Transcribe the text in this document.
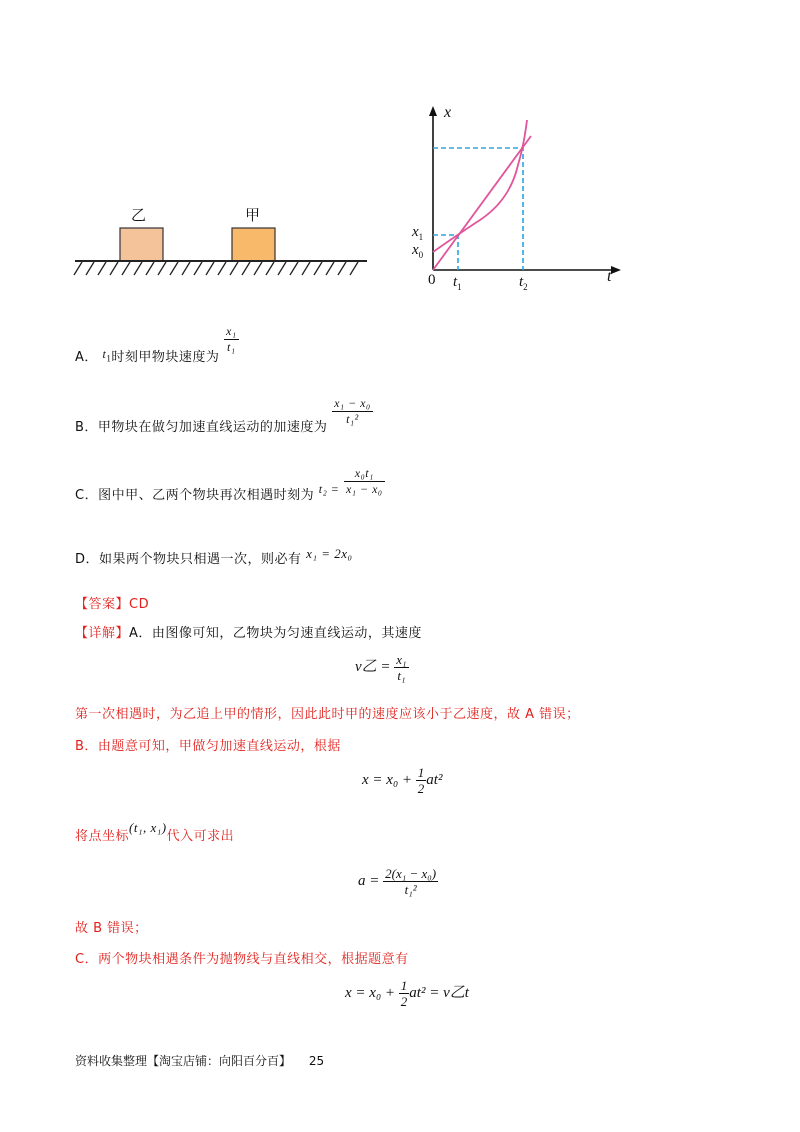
乙	甲
x
t
0
$x_1$
$x_0$
$t_1$	$t_2$
A． $t_1$时刻甲物块速度为
$\frac{\text{x₁}}{\text{t₁}}$
B．甲物块在做匀加速直线运动的加速度为
$\frac{\text{x₁ − x₀}}{\text{t₁²}}$
C．图中甲、乙两个物块再次相遇时刻为 $t_2 = \frac{\text{x₀t₁}}{\text{x₁ − x₀}}$
D．如果两个物块只相遇一次，则必有 x₁ = 2x₀
【答案】CD
【详解】A．由图像可知，乙物块为匀速直线运动，其速度
v乙 = $\frac{\text{x₁}}{\text{t₁}}$
第一次相遇时，为乙追上甲的情形，因此此时甲的速度应该小于乙速度，故 A 错误；
B．由题意可知，甲做匀加速直线运动，根据
$x = x_0 + \frac{1}{2} at^2$
将点坐标(t₁, x₁)代入可求出
$a = \frac{\text{2(x₁ − x₀)}}{\text{t₁²}}$
故 B 错误；
C．两个物块相遇条件为抛物线与直线相交，根据题意有
$x = x_0 + \frac{1}{2} at^2 = v$乙t
资料收集整理【淘宝店铺：向阳百分百】 25
